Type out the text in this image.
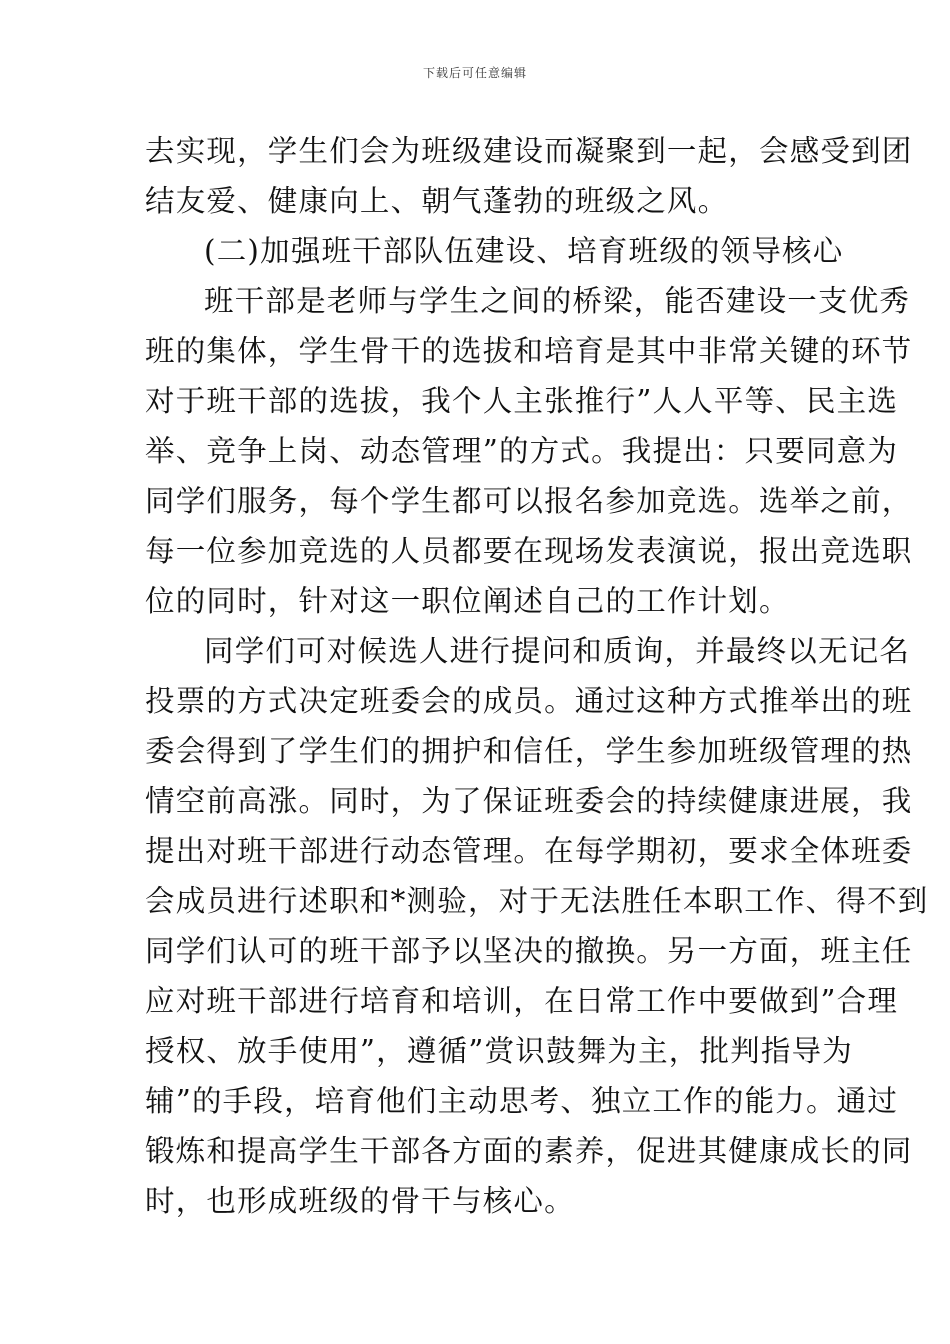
下载后可任意编辑
去实现，学生们会为班级建设而凝聚到一起，会感受到团
结友爱、健康向上、朝气蓬勃的班级之风。
(二)加强班干部队伍建设、培育班级的领导核心
班干部是老师与学生之间的桥梁，能否建设一支优秀
班的集体，学生骨干的选拔和培育是其中非常关键的环节
对于班干部的选拔，我个人主张推行”人人平等、民主选
举、竞争上岗、动态管理”的方式。我提出：只要同意为
同学们服务，每个学生都可以报名参加竞选。选举之前，
每一位参加竞选的人员都要在现场发表演说，报出竞选职
位的同时，针对这一职位阐述自己的工作计划。
同学们可对候选人进行提问和质询，并最终以无记名
投票的方式决定班委会的成员。通过这种方式推举出的班
委会得到了学生们的拥护和信任，学生参加班级管理的热
情空前高涨。同时，为了保证班委会的持续健康进展，我
提出对班干部进行动态管理。在每学期初，要求全体班委
会成员进行述职和*测验，对于无法胜任本职工作、得不到
同学们认可的班干部予以坚决的撤换。另一方面，班主任
应对班干部进行培育和培训，在日常工作中要做到”合理
授权、放手使用”，遵循”赏识鼓舞为主，批判指导为
辅”的手段，培育他们主动思考、独立工作的能力。通过
锻炼和提高学生干部各方面的素养，促进其健康成长的同
时，也形成班级的骨干与核心。
